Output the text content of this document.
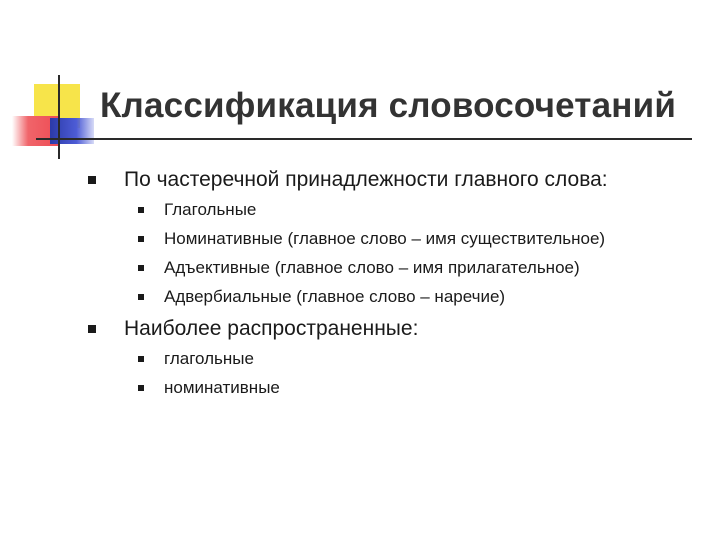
Классификация словосочетаний
По частеречной принадлежности главного слова:
Глагольные
Номинативные (главное слово – имя существительное)
Адъективные (главное слово – имя прилагательное)
Адвербиальные (главное слово – наречие)
Наиболее распространенные:
глагольные
номинативные
